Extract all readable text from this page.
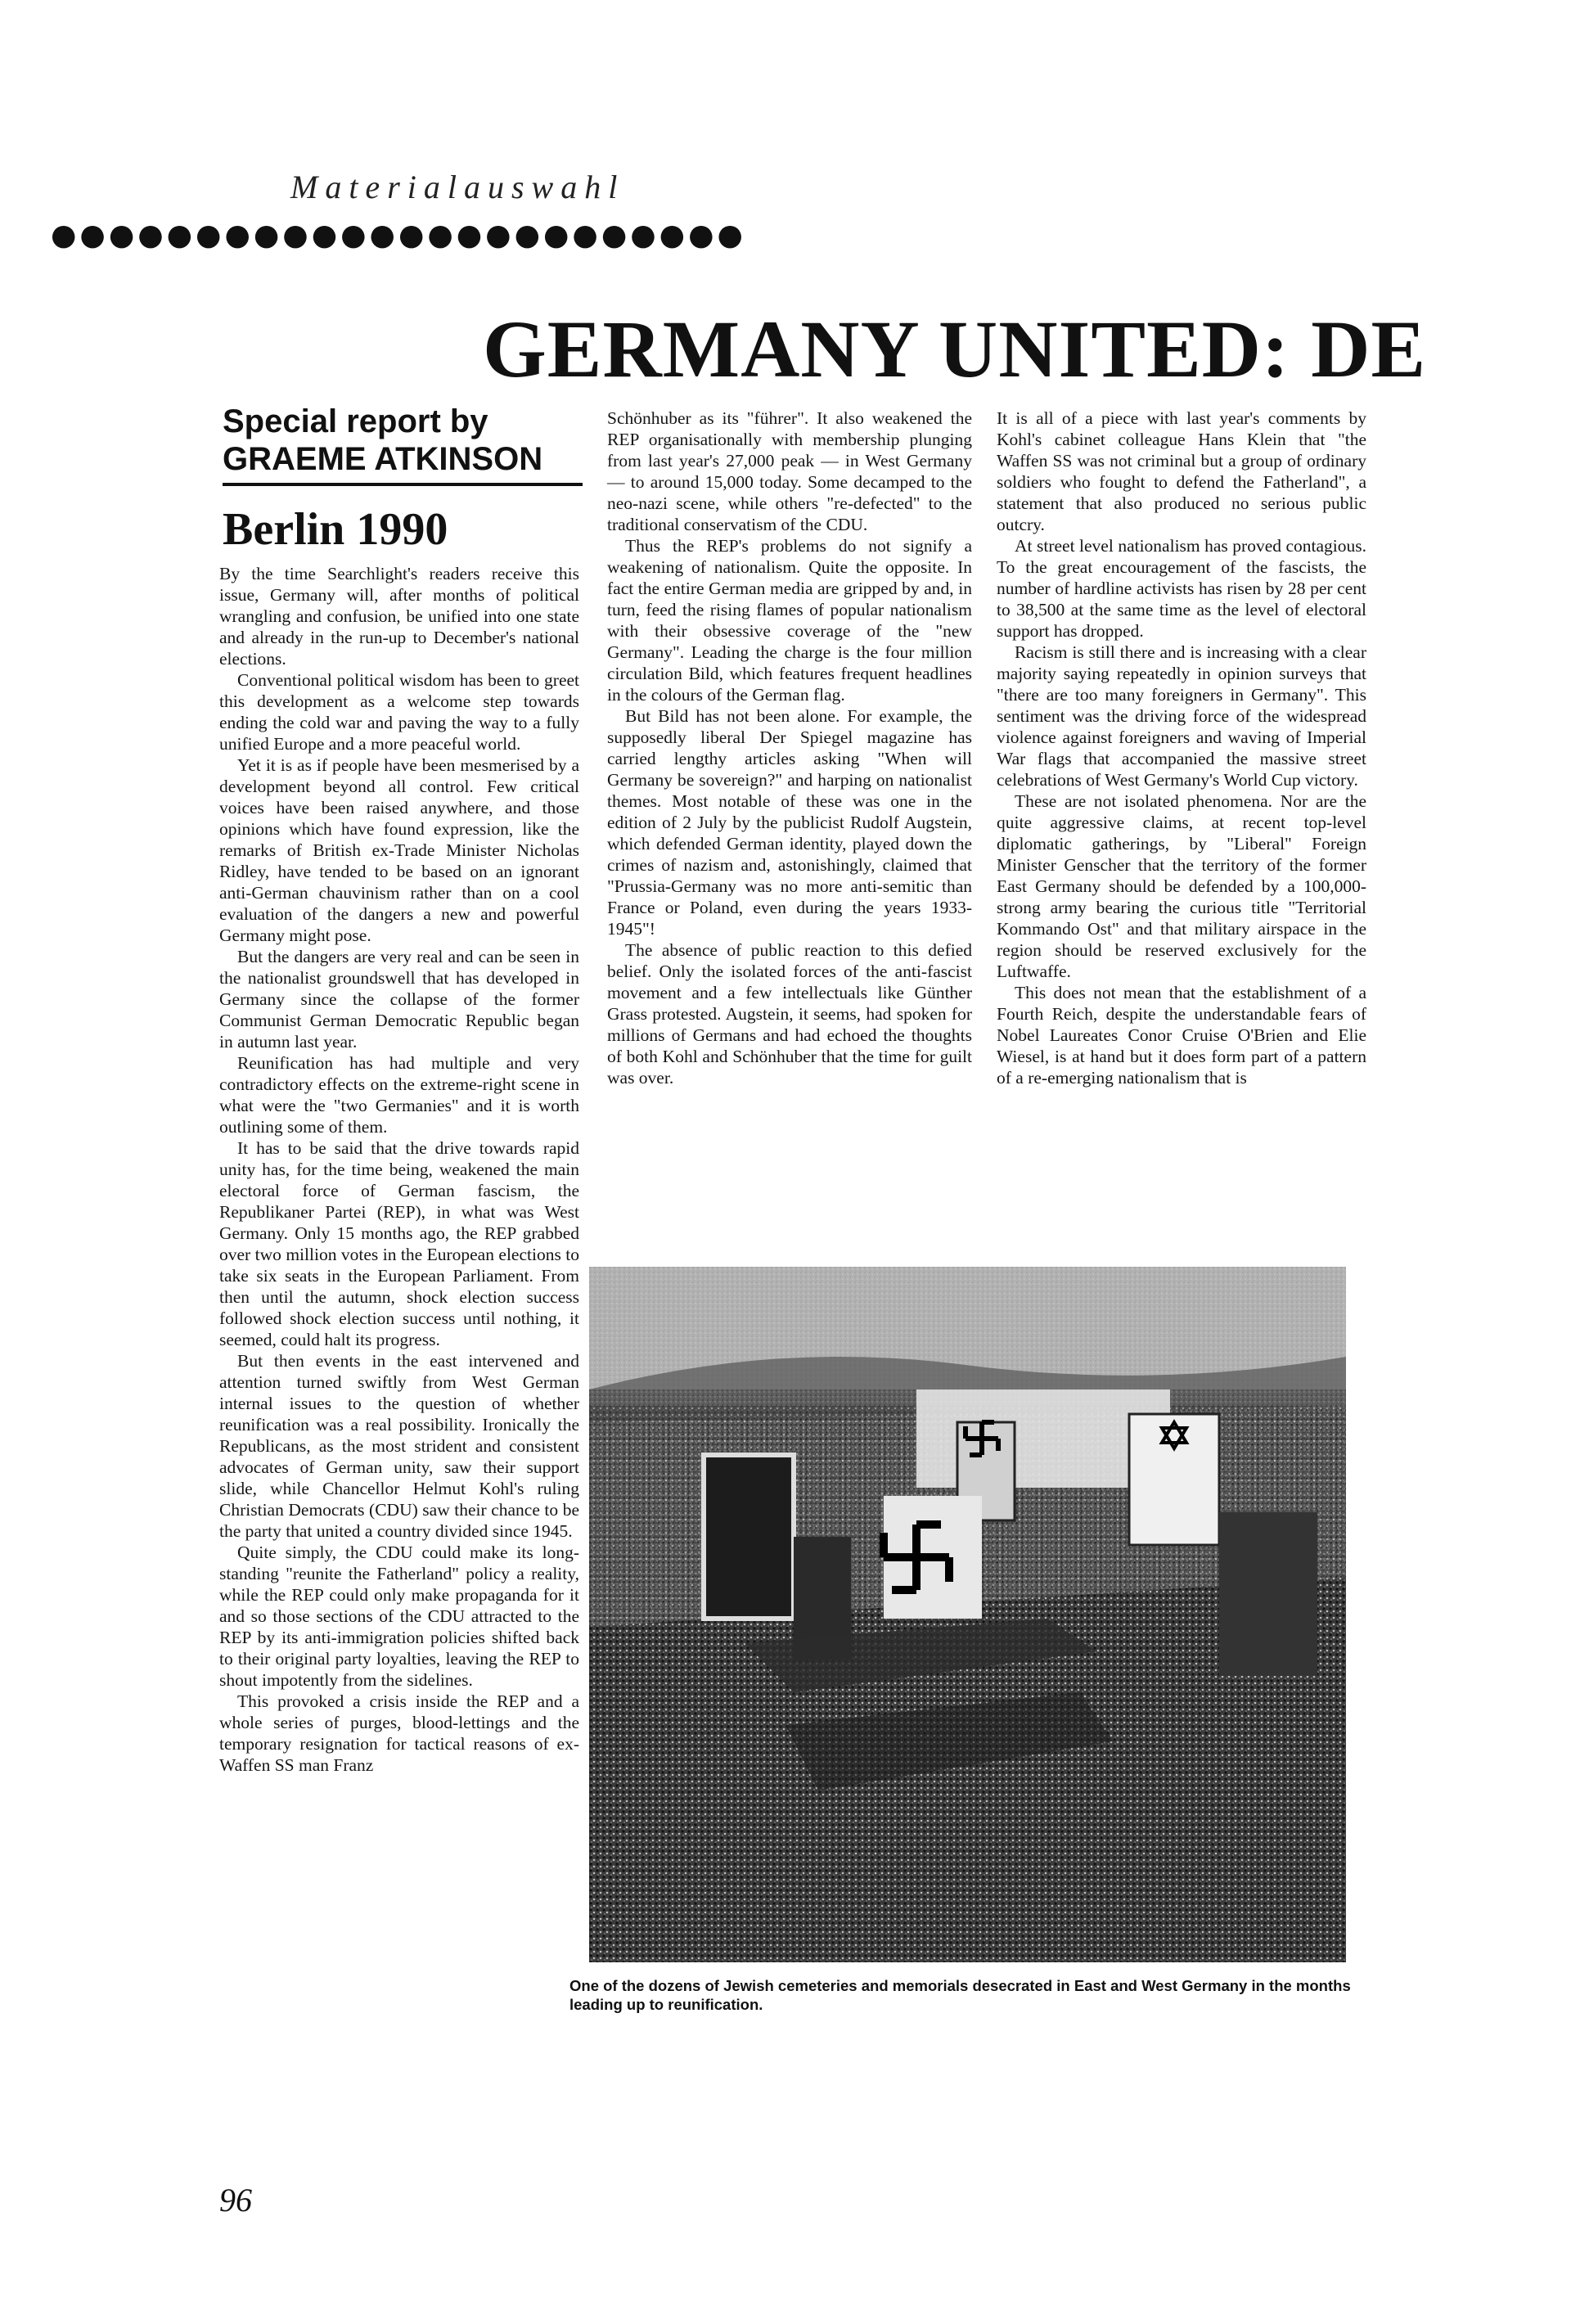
Materialauswahl
●●●●●●●●●●●●●●●●●●●●●●●●
GERMANY UNITED: DE
Special report by
GRAEME ATKINSON
Berlin 1990

By the time Searchlight's readers receive this issue, Germany will, after months of political wrangling and confusion, be unified into one state and already in the run-up to December's national elections.

Conventional political wisdom has been to greet this development as a welcome step towards ending the cold war and paving the way to a fully unified Europe and a more peaceful world.

Yet it is as if people have been mesmerised by a development beyond all control. Few critical voices have been raised anywhere, and those opinions which have found expression, like the remarks of British ex-Trade Minister Nicholas Ridley, have tended to be based on an ignorant anti-German chauvinism rather than on a cool evaluation of the dangers a new and powerful Germany might pose.

But the dangers are very real and can be seen in the nationalist groundswell that has developed in Germany since the collapse of the former Communist German Democratic Republic began in autumn last year.

Reunification has had multiple and very contradictory effects on the extreme-right scene in what were the "two Germanies" and it is worth outlining some of them.

It has to be said that the drive towards rapid unity has, for the time being, weakened the main electoral force of German fascism, the Republikaner Partei (REP), in what was West Germany. Only 15 months ago, the REP grabbed over two million votes in the European elections to take six seats in the European Parliament. From then until the autumn, shock election success followed shock election success until nothing, it seemed, could halt its progress.

But then events in the east intervened and attention turned swiftly from West German internal issues to the question of whether reunification was a real possibility. Ironically the Republicans, as the most strident and consistent advocates of German unity, saw their support slide, while Chancellor Helmut Kohl's ruling Christian Democrats (CDU) saw their chance to be the party that united a country divided since 1945.

Quite simply, the CDU could make its long-standing "reunite the Fatherland" policy a reality, while the REP could only make propaganda for it and so those sections of the CDU attracted to the REP by its anti-immigration policies shifted back to their original party loyalties, leaving the REP to shout impotently from the sidelines.

This provoked a crisis inside the REP and a whole series of purges, blood-lettings and the temporary resignation for tactical reasons of ex-Waffen SS man Franz

Schönhuber as its "führer". It also weakened the REP organisationally with membership plunging from last year's 27,000 peak — in West Germany — to around 15,000 today. Some decamped to the neo-nazi scene, while others "re-defected" to the traditional conservatism of the CDU.

Thus the REP's problems do not signify a weakening of nationalism. Quite the opposite. In fact the entire German media are gripped by and, in turn, feed the rising flames of popular nationalism with their obsessive coverage of the "new Germany". Leading the charge is the four million circulation Bild, which features frequent headlines in the colours of the German flag.

But Bild has not been alone. For example, the supposedly liberal Der Spiegel magazine has carried lengthy articles asking "When will Germany be sovereign?" and harping on nationalist themes. Most notable of these was one in the edition of 2 July by the publicist Rudolf Augstein, which defended German identity, played down the crimes of nazism and, astonishingly, claimed that "Prussia-Germany was no more anti-semitic than France or Poland, even during the years 1933-1945"!

The absence of public reaction to this defied belief. Only the isolated forces of the anti-fascist movement and a few intellectuals like Günther Grass protested. Augstein, it seems, had spoken for millions of Germans and had echoed the thoughts of both Kohl and Schönhuber that the time for guilt was over.

It is all of a piece with last year's comments by Kohl's cabinet colleague Hans Klein that "the Waffen SS was not criminal but a group of ordinary soldiers who fought to defend the Fatherland", a statement that also produced no serious public outcry.

At street level nationalism has proved contagious. To the great encouragement of the fascists, the number of hardline activists has risen by 28 per cent to 38,500 at the same time as the level of electoral support has dropped.

Racism is still there and is increasing with a clear majority saying repeatedly in opinion surveys that "there are too many foreigners in Germany". This sentiment was the driving force of the widespread violence against foreigners and waving of Imperial War flags that accompanied the massive street celebrations of West Germany's World Cup victory.

These are not isolated phenomena. Nor are the quite aggressive claims, at recent top-level diplomatic gatherings, by "Liberal" Foreign Minister Genscher that the territory of the former East Germany should be defended by a 100,000-strong army bearing the curious title "Territorial Kommando Ost" and that military airspace in the region should be reserved exclusively for the Luftwaffe.

This does not mean that the establishment of a Fourth Reich, despite the understandable fears of Nobel Laureates Conor Cruise O'Brien and Elie Wiesel, is at hand but it does form part of a pattern of a re-emerging nationalism that is

One of the dozens of Jewish cemeteries and memorials desecrated in East and West Germany in the months leading up to reunification.
96
